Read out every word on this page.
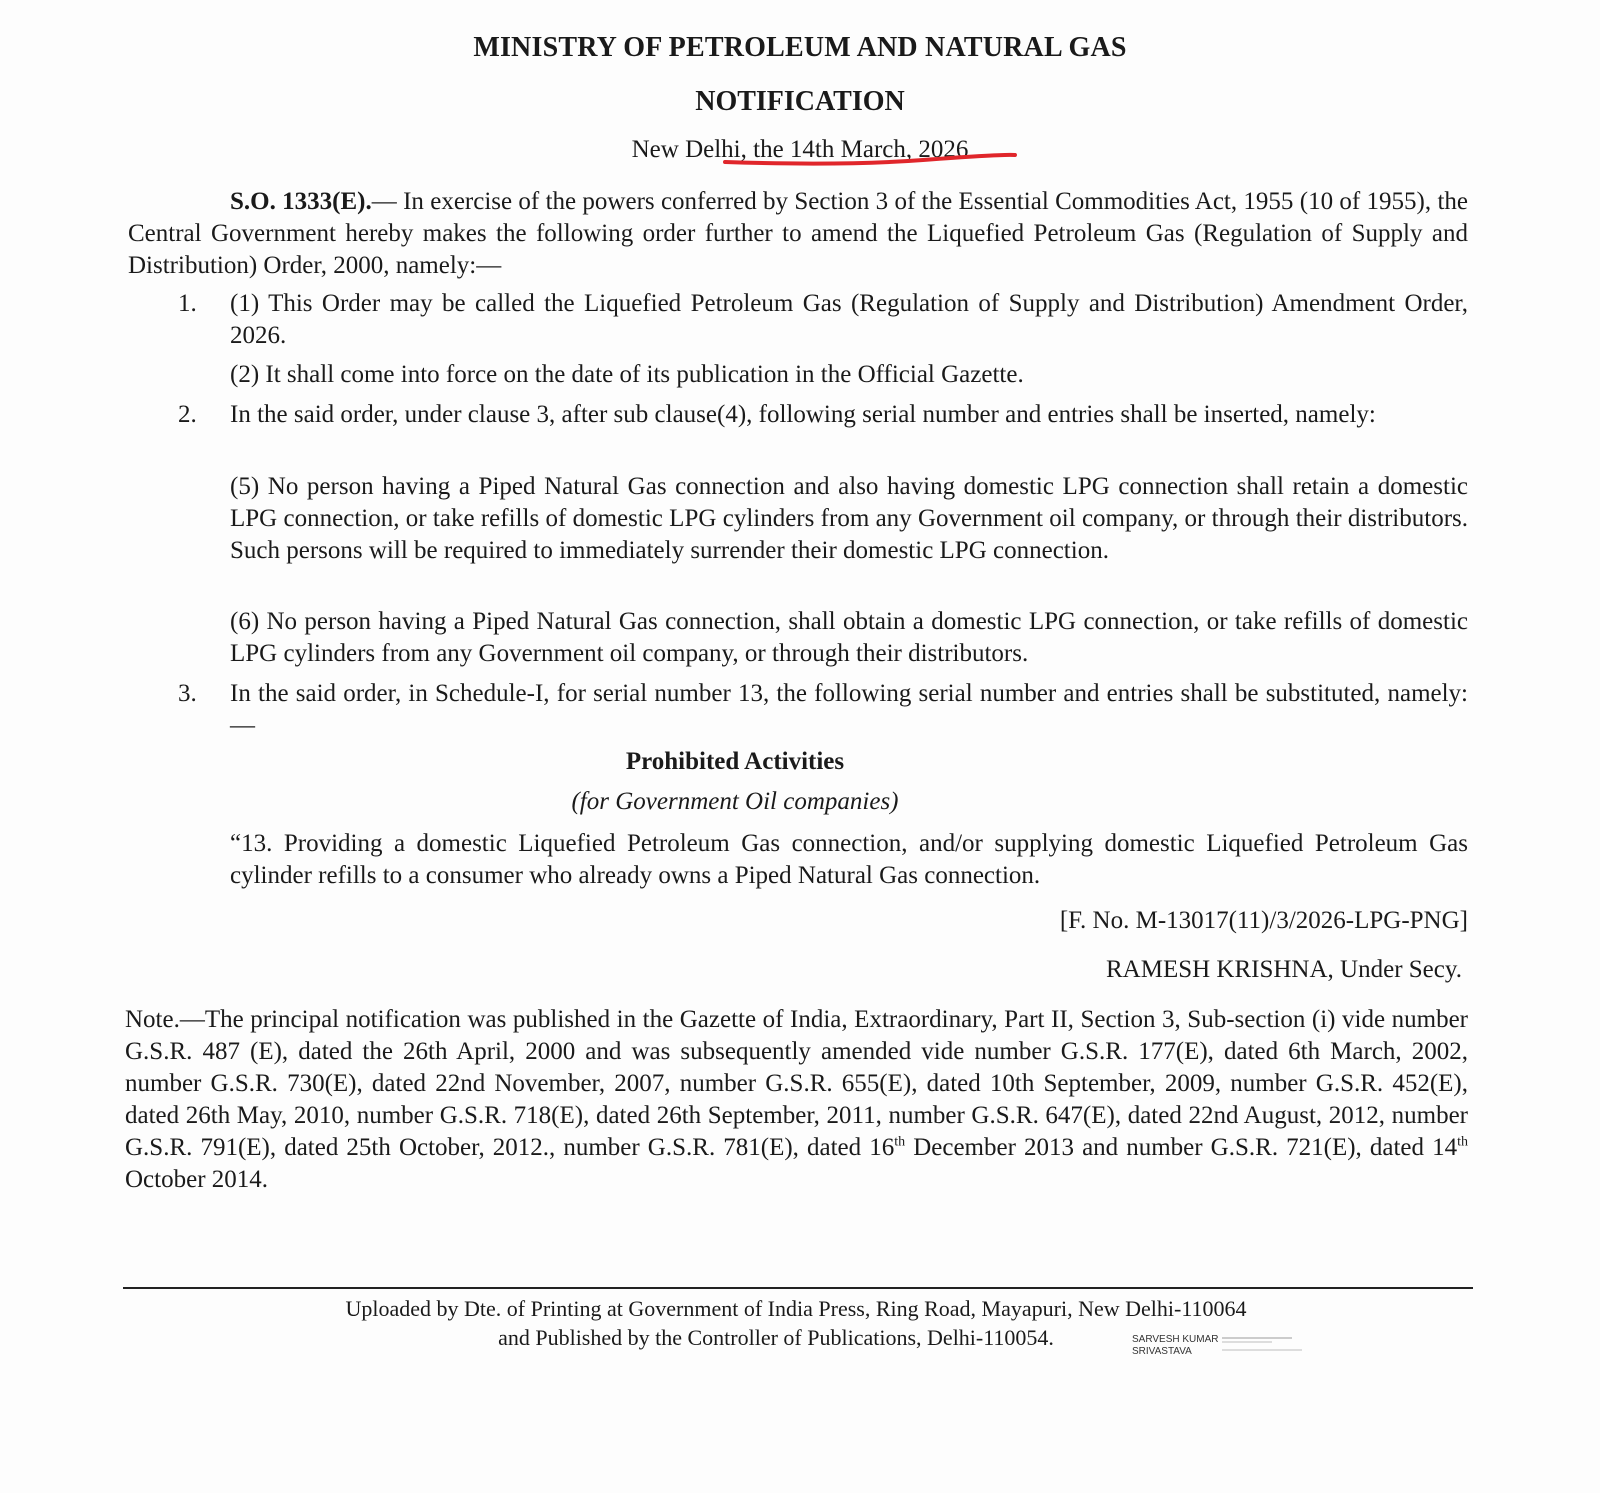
MINISTRY OF PETROLEUM AND NATURAL GAS
NOTIFICATION
New Delhi, the 14th March, 2026
S.O. 1333(E).— In exercise of the powers conferred by Section 3 of the Essential Commodities Act, 1955 (10 of 1955), the Central Government hereby makes the following order further to amend the Liquefied Petroleum Gas (Regulation of Supply and Distribution) Order, 2000, namely:—
1. (1) This Order may be called the Liquefied Petroleum Gas (Regulation of Supply and Distribution) Amendment Order, 2026.
(2) It shall come into force on the date of its publication in the Official Gazette.
2. In the said order, under clause 3, after sub clause(4), following serial number and entries shall be inserted, namely:
(5) No person having a Piped Natural Gas connection and also having domestic LPG connection shall retain a domestic LPG connection, or take refills of domestic LPG cylinders from any Government oil company, or through their distributors. Such persons will be required to immediately surrender their domestic LPG connection.
(6) No person having a Piped Natural Gas connection, shall obtain a domestic LPG connection, or take refills of domestic LPG cylinders from any Government oil company, or through their distributors.
3. In the said order, in Schedule-I, for serial number 13, the following serial number and entries shall be substituted, namely:—
Prohibited Activities
(for Government Oil companies)
“13. Providing a domestic Liquefied Petroleum Gas connection, and/or supplying domestic Liquefied Petroleum Gas cylinder refills to a consumer who already owns a Piped Natural Gas connection.
[F. No. M-13017(11)/3/2026-LPG-PNG]
RAMESH KRISHNA, Under Secy.
Note.—The principal notification was published in the Gazette of India, Extraordinary, Part II, Section 3, Sub-section (i) vide number G.S.R. 487 (E), dated the 26th April, 2000 and was subsequently amended vide number G.S.R. 177(E), dated 6th March, 2002, number G.S.R. 730(E), dated 22nd November, 2007, number G.S.R. 655(E), dated 10th September, 2009, number G.S.R. 452(E), dated 26th May, 2010, number G.S.R. 718(E), dated 26th September, 2011, number G.S.R. 647(E), dated 22nd August, 2012, number G.S.R. 791(E), dated 25th October, 2012., number G.S.R. 781(E), dated 16th December 2013 and number G.S.R. 721(E), dated 14th October 2014.
Uploaded by Dte. of Printing at Government of India Press, Ring Road, Mayapuri, New Delhi-110064
and Published by the Controller of Publications, Delhi-110054.	SARVESH KUMAR
SRIVASTAVA
